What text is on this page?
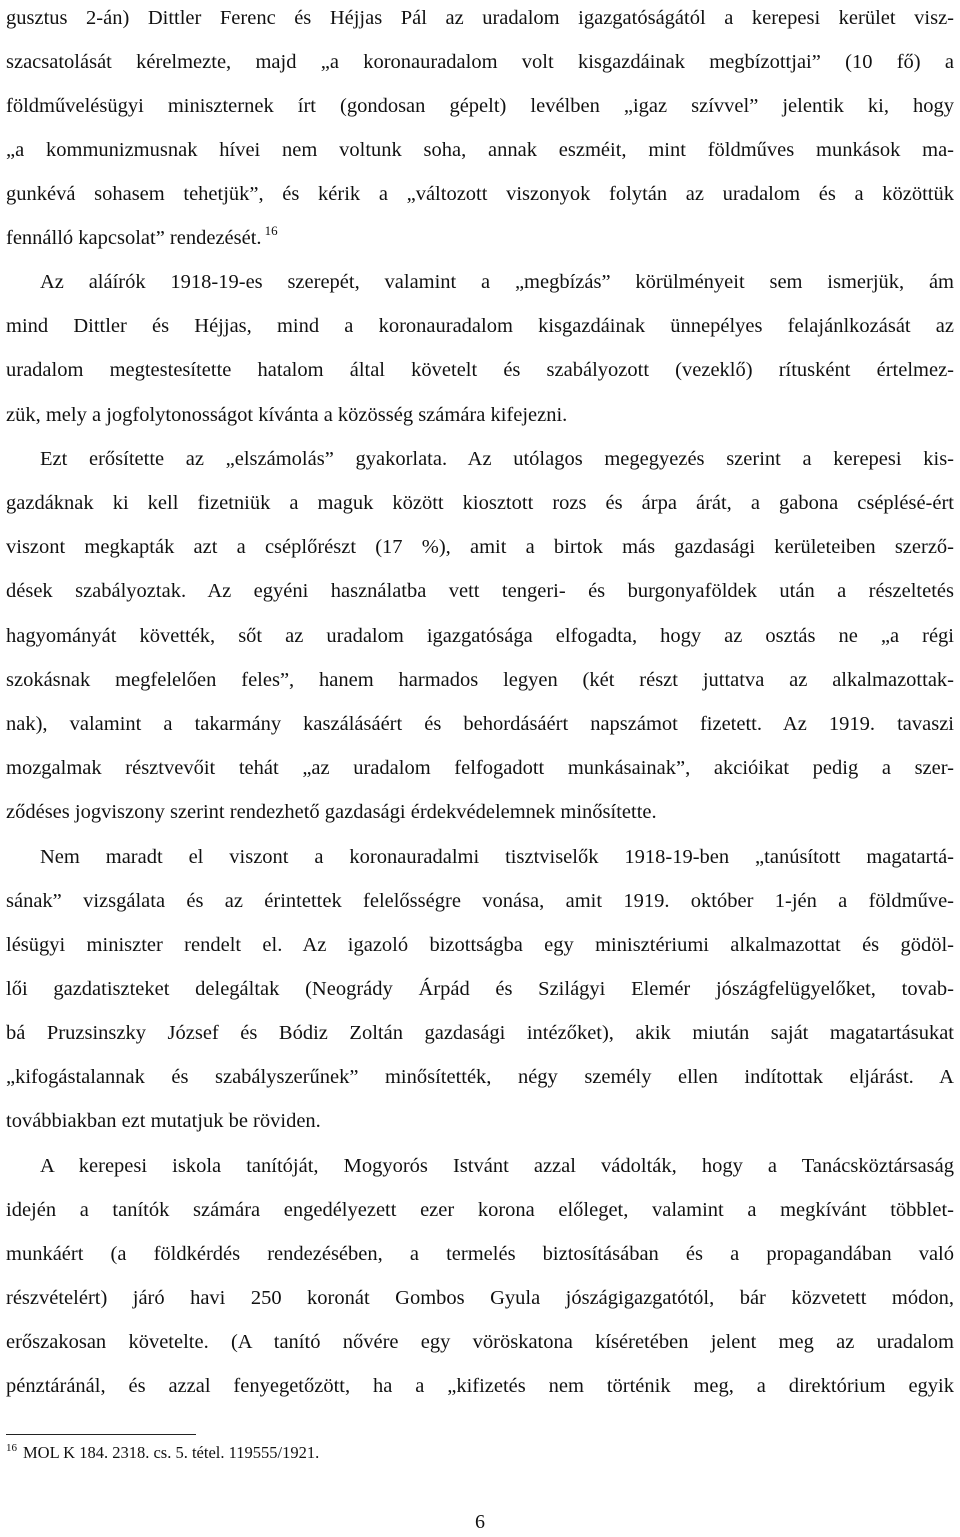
gusztus 2-án) Dittler Ferenc és Héjjas Pál az uradalom igazgatóságától a kerepesi kerület visz-
szacsatolását kérelmezte, majd „a koronauradalom volt kisgazdáinak megbízottjai” (10 fő) a
földművelésügyi miniszternek írt (gondosan gépelt) levélben „igaz szívvel” jelentik ki, hogy
„a kommunizmusnak hívei nem voltunk soha, annak eszméit, mint földműves munkások ma-
gunkévá sohasem tehetjük”, és kérik a „változott viszonyok folytán az uradalom és a közöttük
fennálló kapcsolat” rendezését. $^{16}$
Az aláírók 1918-19-es szerepét, valamint a „megbízás” körülményeit sem ismerjük, ám
mind Dittler és Héjjas, mind a koronauradalom kisgazdáinak ünnepélyes felajánlkozását az
uradalom megtestesítette hatalom által követelt és szabályozott (vezeklő) rítusként értelmez-
zük, mely a jogfolytonosságot kívánta a közösség számára kifejezni.
Ezt erősítette az „elszámolás” gyakorlata. Az utólagos megegyezés szerint a kerepesi kis-
gazdáknak ki kell fizetniük a maguk között kiosztott rozs és árpa árát, a gabona cséplésé-ért
viszont megkapták azt a cséplőrészt (17 %), amit a birtok más gazdasági kerületeiben szerző-
dések szabályoztak. Az egyéni használatba vett tengeri- és burgonyaföldek után a részeltetés
hagyományát követték, sőt az uradalom igazgatósága elfogadta, hogy az osztás ne „a régi
szokásnak megfelelően feles”, hanem harmados legyen (két részt juttatva az alkalmazottak-
nak), valamint a takarmány kaszálásáért és behordásáért napszámot fizetett. Az 1919. tavaszi
mozgalmak résztvevőit tehát „az uradalom felfogadott munkásainak”, akcióikat pedig a szer-
ződéses jogviszony szerint rendezhető gazdasági érdekvédelemnek minősítette.
Nem maradt el viszont a koronauradalmi tisztviselők 1918-19-ben „tanúsított magatartá-
sának” vizsgálata és az érintettek felelősségre vonása, amit 1919. október 1-jén a földműve-
lésügyi miniszter rendelt el. Az igazoló bizottságba egy minisztériumi alkalmazottat és gödöl-
lői gazdatiszteket delegáltak (Neogrády Árpád és Szilágyi Elemér jószágfelügyelőket, tovab-
bá Pruzsinszky József és Bódiz Zoltán gazdasági intézőket), akik miután saját magatartásukat
„kifogástalannak és szabályszerűnek” minősítették, négy személy ellen indítottak eljárást. A
továbbiakban ezt mutatjuk be röviden.
A kerepesi iskola tanítóját, Mogyorós Istvánt azzal vádolták, hogy a Tanácsköztársaság
idején a tanítók számára engedélyezett ezer korona előleget, valamint a megkívánt többlet-
munkáért (a földkérdés rendezésében, a termelés biztosításában és a propagandában való
részvételért) járó havi 250 koronát Gombos Gyula jószágigazgatótól, bár közvetett módon,
erőszakosan követelte. (A tanító nővére egy vöröskatona kíséretében jelent meg az uradalom
pénztáránál, és azzal fenyegetőzött, ha a „kifizetés nem történik meg, a direktórium egyik
$^{16}$ MOL K 184. 2318. cs. 5. tétel. 119555/1921.
6
